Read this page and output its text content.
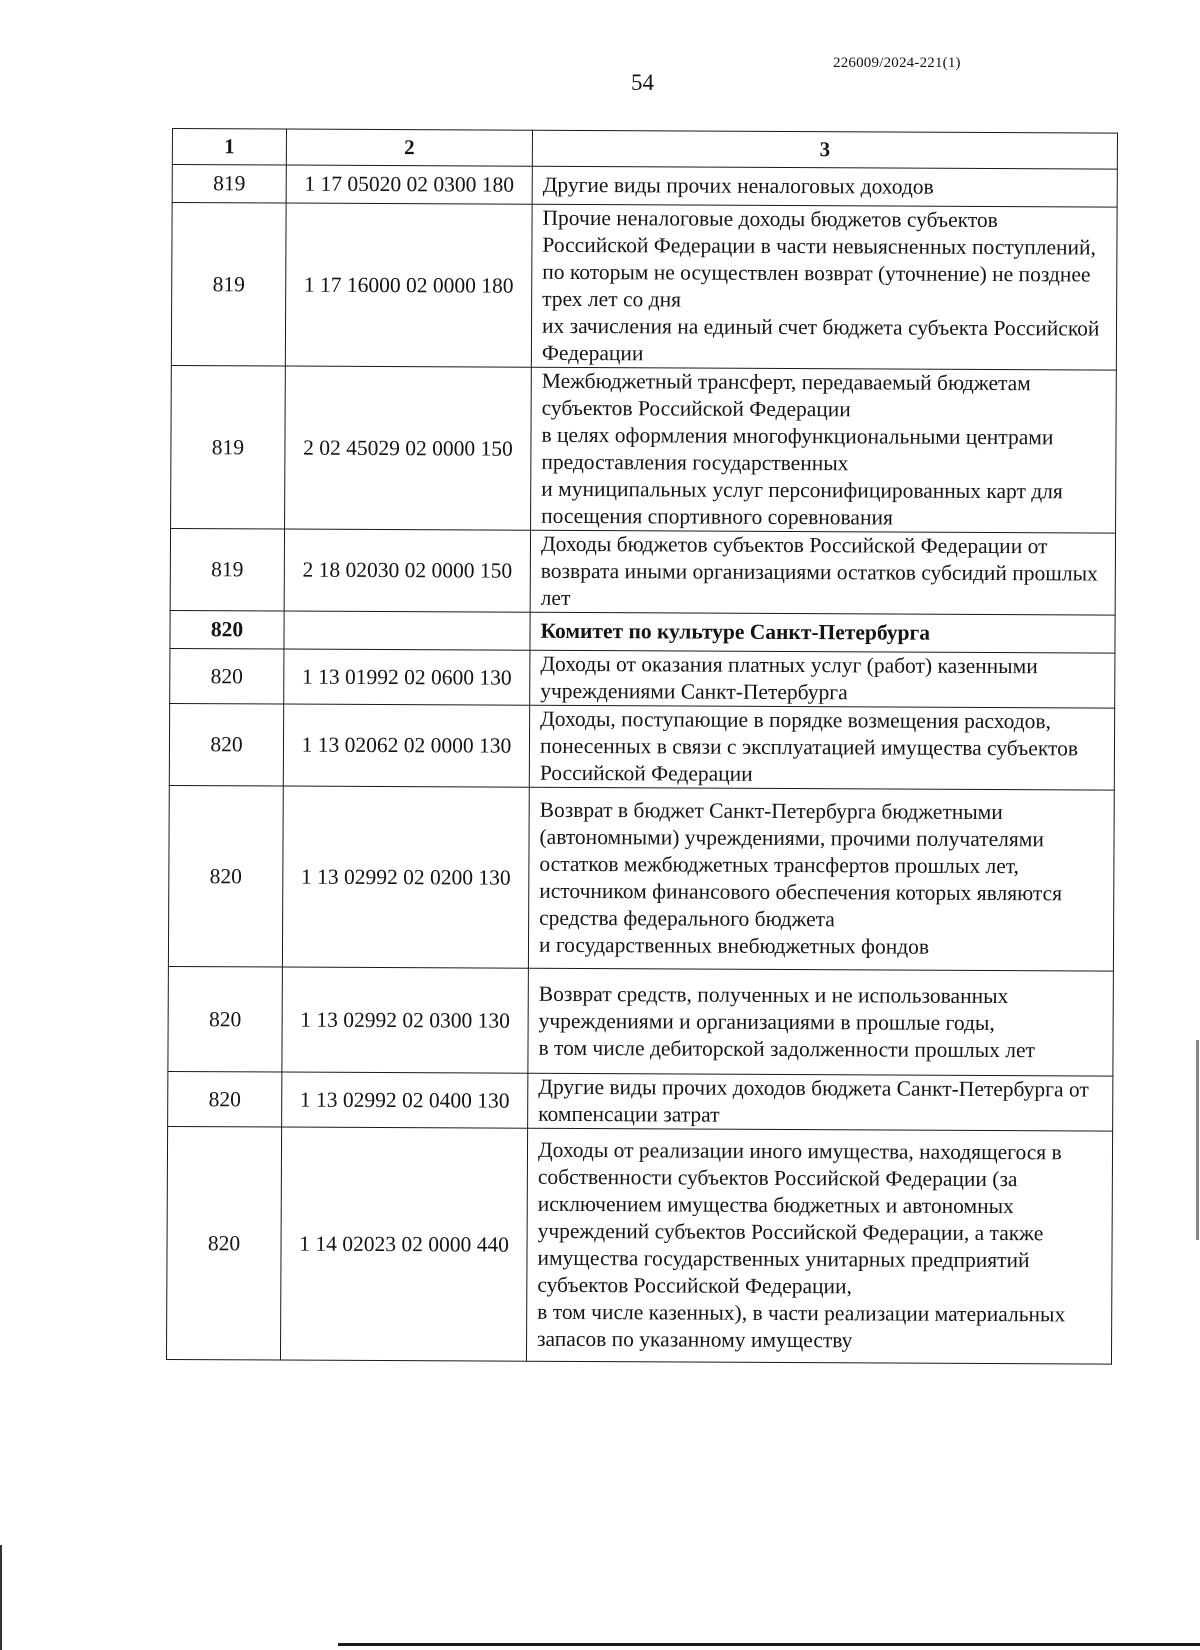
226009/2024-221(1)
54
1	2	3
819	1 17 05020 02 0300 180	Другие виды прочих неналоговых доходов
819	1 17 16000 02 0000 180	Прочие неналоговые доходы бюджетов субъектов Российской Федерации в части невыясненных поступлений, по которым не осуществлен возврат (уточнение) не позднее трех лет со дня
их зачисления на единый счет бюджета субъекта Российской Федерации
819	2 02 45029 02 0000 150	Межбюджетный трансферт, передаваемый бюджетам субъектов Российской Федерации
в целях оформления многофункциональными центрами предоставления государственных
и муниципальных услуг персонифицированных карт для посещения спортивного соревнования
819	2 18 02030 02 0000 150	Доходы бюджетов субъектов Российской Федерации от возврата иными организациями остатков субсидий прошлых лет
820		Комитет по культуре Санкт-Петербурга
820	1 13 01992 02 0600 130	Доходы от оказания платных услуг (работ) казенными учреждениями Санкт-Петербурга
820	1 13 02062 02 0000 130	Доходы, поступающие в порядке возмещения расходов, понесенных в связи с эксплуатацией имущества субъектов Российской Федерации
820	1 13 02992 02 0200 130	Возврат в бюджет Санкт-Петербурга бюджетными (автономными) учреждениями, прочими получателями остатков межбюджетных трансфертов прошлых лет, источником финансового обеспечения которых являются средства федерального бюджета
и государственных внебюджетных фондов
820	1 13 02992 02 0300 130	Возврат средств, полученных и не использованных учреждениями и организациями в прошлые годы,
в том числе дебиторской задолженности прошлых лет
820	1 13 02992 02 0400 130	Другие виды прочих доходов бюджета Санкт-Петербурга от компенсации затрат
820	1 14 02023 02 0000 440	Доходы от реализации иного имущества, находящегося в собственности субъектов Российской Федерации (за исключением имущества бюджетных и автономных учреждений субъектов Российской Федерации, а также имущества государственных унитарных предприятий субъектов Российской Федерации,
в том числе казенных), в части реализации материальных запасов по указанному имуществу
